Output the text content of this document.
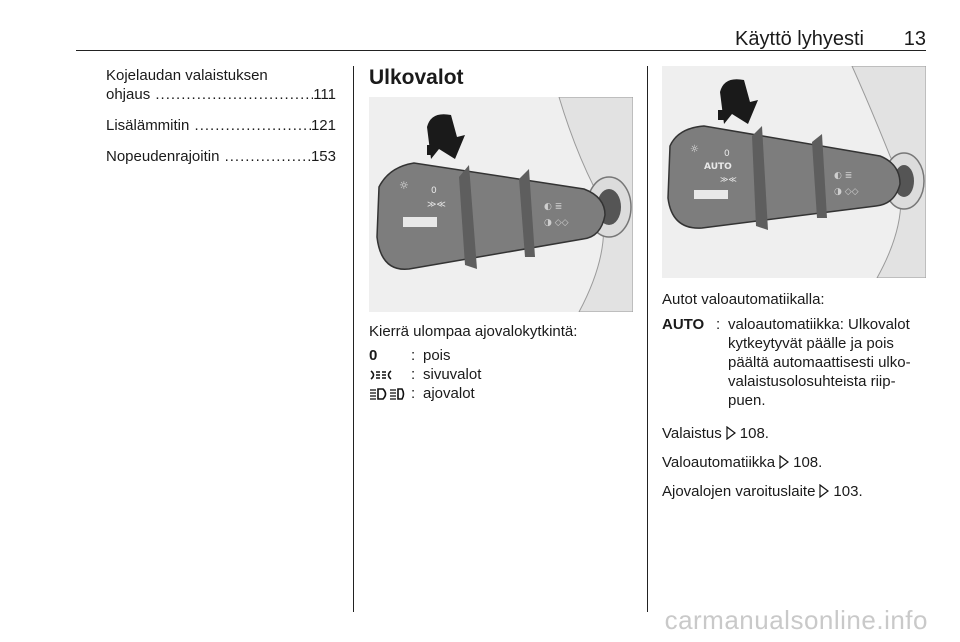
Käyttö lyhyesti 13
Kojelaudan valaistuksen
ohjaus .....	111
Lisälämmitin .....	121
Nopeudenrajoitin .....	153
Ulkovalot
☼ 0
≫≪	◐ ≣
◑ ◇◇
Kierrä ulompaa ajovalokytkintä:
0	: pois
: sivuvalot
: ajovalot
☼	0
AUTO
≫≪	◐ ≣
◑ ◇◇
Autot valoautomatiikalla:
AUTO : valoautomatiikka: Ulkovalot kytkeytyvät päälle ja pois päältä automaattisesti ulko-valaistusolosuhteista riip-puen.
Valaistus 108.
Valoautomatiikka 108.
Ajovalojen varoituslaite 103.
carmanualsonline.info
